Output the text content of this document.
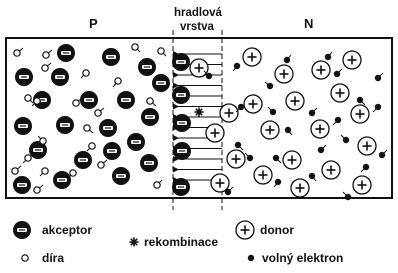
P	N
hradlová
vrstva
akceptor
díra
rekombinace
donor
volný elektron
